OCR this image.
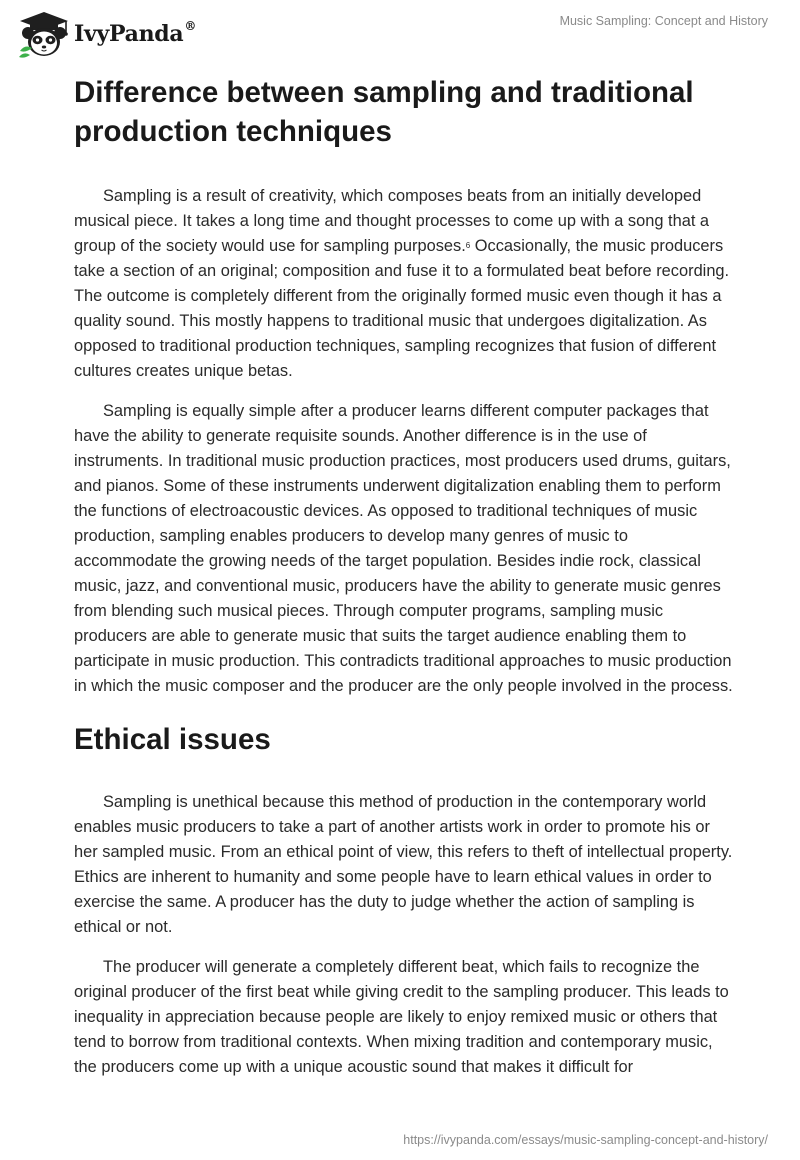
IvyPanda®	Music Sampling: Concept and History
Difference between sampling and traditional production techniques

Sampling is a result of creativity, which composes beats from an initially developed musical piece. It takes a long time and thought processes to come up with a song that a group of the society would use for sampling purposes.$^6$ Occasionally, the music producers take a section of an original; composition and fuse it to a formulated beat before recording. The outcome is completely different from the originally formed music even though it has a quality sound. This mostly happens to traditional music that undergoes digitalization. As opposed to traditional production techniques, sampling recognizes that fusion of different cultures creates unique betas.

Sampling is equally simple after a producer learns different computer packages that have the ability to generate requisite sounds. Another difference is in the use of instruments. In traditional music production practices, most producers used drums, guitars, and pianos. Some of these instruments underwent digitalization enabling them to perform the functions of electroacoustic devices. As opposed to traditional techniques of music production, sampling enables producers to develop many genres of music to accommodate the growing needs of the target population. Besides indie rock, classical music, jazz, and conventional music, producers have the ability to generate music genres from blending such musical pieces. Through computer programs, sampling music producers are able to generate music that suits the target audience enabling them to participate in music production. This contradicts traditional approaches to music production in which the music composer and the producer are the only people involved in the process.

Ethical issues

Sampling is unethical because this method of production in the contemporary world enables music producers to take a part of another artists work in order to promote his or her sampled music. From an ethical point of view, this refers to theft of intellectual property. Ethics are inherent to humanity and some people have to learn ethical values in order to exercise the same. A producer has the duty to judge whether the action of sampling is ethical or not.

The producer will generate a completely different beat, which fails to recognize the original producer of the first beat while giving credit to the sampling producer. This leads to inequality in appreciation because people are likely to enjoy remixed music or others that tend to borrow from traditional contexts. When mixing tradition and contemporary music, the producers come up with a unique acoustic sound that makes it difficult for

https://ivypanda.com/essays/music-sampling-concept-and-history/
